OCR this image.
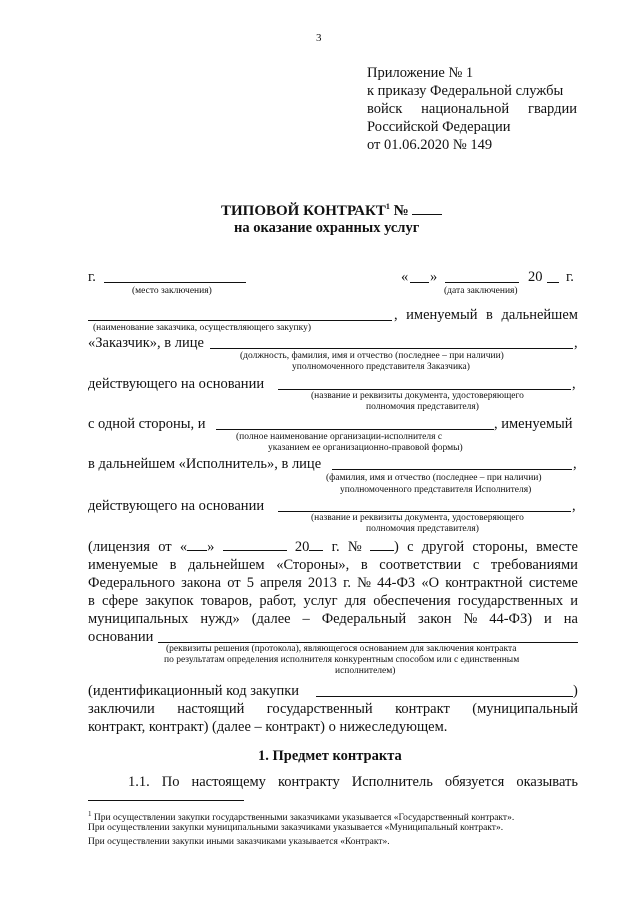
3
Приложение № 1
к приказу Федеральной службы
войск национальной гвардии
Российской Федерации
от 01.06.2020 № 149
ТИПОВОЙ КОНТРАКТ$^1$ №
на оказание охранных услуг
г.
(место заключения)
« »	20 г.
(дата заключения)
, именуемый в дальнейшем
(наименование заказчика, осуществляющего закупку)
«Заказчик», в лице	,
(должность, фамилия, имя и отчество (последнее – при наличии)
уполномоченного представителя Заказчика)
действующего на основании	,
(название и реквизиты документа, удостоверяющего
полномочия представителя)
с одной стороны, и	, именуемый
(полное наименование организации-исполнителя с
указанием ее организационно-правовой формы)
в дальнейшем «Исполнитель», в лице	,
(фамилия, имя и отчество (последнее – при наличии)
уполномоченного представителя Исполнителя)
действующего на основании	,
(название и реквизиты документа, удостоверяющего
полномочия представителя)
(лицензия от « »	20	г. №	) с другой стороны, вместе
именуемые в дальнейшем «Стороны», в соответствии с требованиями
Федерального закона от 5 апреля 2013 г. № 44-ФЗ «О контрактной системе
в сфере закупок товаров, работ, услуг для обеспечения государственных и
муниципальных нужд» (далее – Федеральный закон № 44-ФЗ) и на
основании
(реквизиты решения (протокола), являющегося основанием для заключения контракта
по результатам определения исполнителя конкурентным способом или с единственным
исполнителем)
(идентификационный код закупки	)
заключили настоящий государственный контракт (муниципальный
контракт, контракт) (далее – контракт) о нижеследующем.
1. Предмет контракта
1.1. По настоящему контракту Исполнитель обязуется оказывать
$^1$ При осуществлении закупки государственными заказчиками указывается «Государственный контракт».
При осуществлении закупки муниципальными заказчиками указывается «Муниципальный контракт».
При осуществлении закупки иными заказчиками указывается «Контракт».
